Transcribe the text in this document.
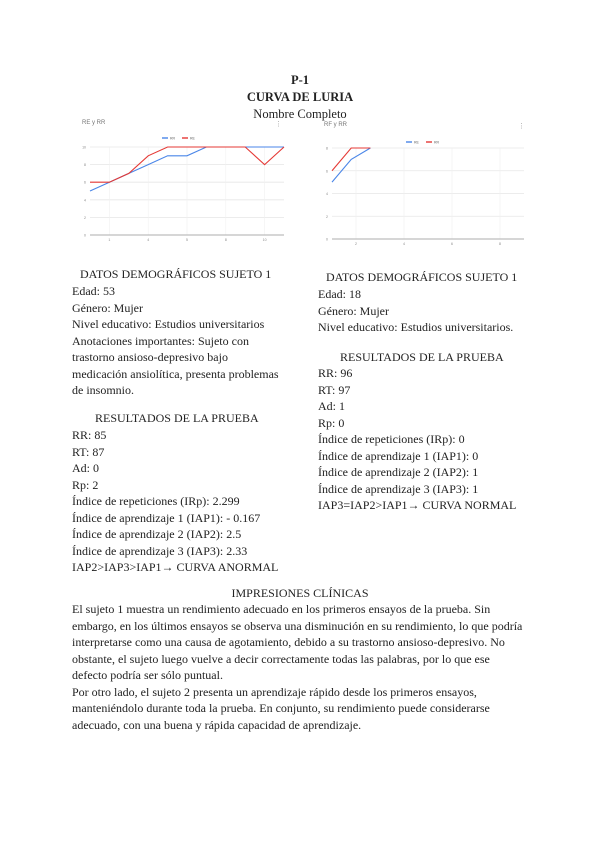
P-1
CURVA DE LURIA
Nombre Completo
RE y RR	⋮
0
2
4
6
8
10
1	4	5	8	10
RR	RE
RF y RR	⋮
0
2
4
6
8
2	4	6	8
RE	RR
DATOS DEMOGRÁFICOS SUJETO 1
Edad: 53
Género: Mujer
Nivel educativo: Estudios universitarios
Anotaciones importantes: Sujeto con
trastorno ansioso-depresivo bajo
medicación ansiolítica, presenta problemas
de insomnio.
RESULTADOS DE LA PRUEBA
RR: 85
RT: 87
Ad: 0
Rp: 2
Índice de repeticiones (IRp): 2.299
Índice de aprendizaje 1 (IAP1): - 0.167
Índice de aprendizaje 2 (IAP2): 2.5
Índice de aprendizaje 3 (IAP3): 2.33
IAP2>IAP3>IAP1→ CURVA ANORMAL
DATOS DEMOGRÁFICOS SUJETO 1
Edad: 18
Género: Mujer
Nivel educativo: Estudios universitarios.
RESULTADOS DE LA PRUEBA
RR: 96
RT: 97
Ad: 1
Rp: 0
Índice de repeticiones (IRp): 0
Índice de aprendizaje 1 (IAP1): 0
Índice de aprendizaje 2 (IAP2): 1
Índice de aprendizaje 3 (IAP3): 1
IAP3=IAP2>IAP1→ CURVA NORMAL
IMPRESIONES CLÍNICAS
El sujeto 1 muestra un rendimiento adecuado en los primeros ensayos de la prueba. Sin
embargo, en los últimos ensayos se observa una disminución en su rendimiento, lo que podría
interpretarse como una causa de agotamiento, debido a su trastorno ansioso-depresivo. No
obstante, el sujeto luego vuelve a decir correctamente todas las palabras, por lo que ese
defecto podría ser sólo puntual.
Por otro lado, el sujeto 2 presenta un aprendizaje rápido desde los primeros ensayos,
manteniéndolo durante toda la prueba. En conjunto, su rendimiento puede considerarse
adecuado, con una buena y rápida capacidad de aprendizaje.
